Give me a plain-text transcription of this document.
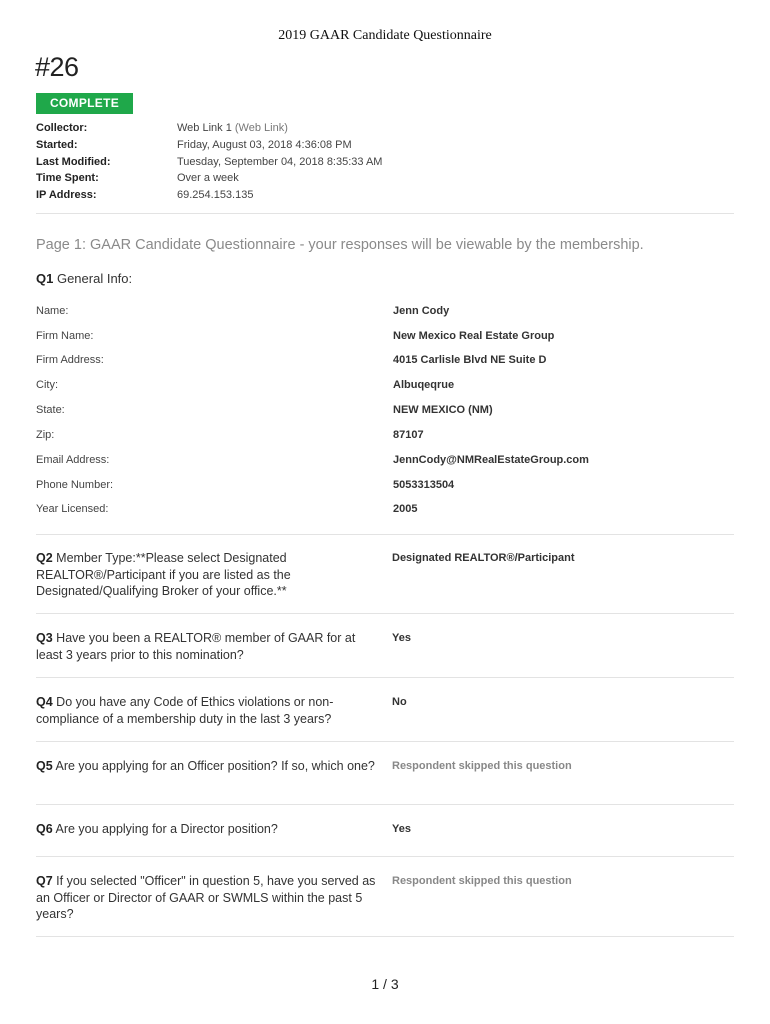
2019 GAAR Candidate Questionnaire
#26
COMPLETE
Collector:	Web Link 1 (Web Link)
Started:	Friday, August 03, 2018 4:36:08 PM
Last Modified:	Tuesday, September 04, 2018 8:35:33 AM
Time Spent:	Over a week
IP Address:	69.254.153.135
Page 1: GAAR Candidate Questionnaire - your responses will be viewable by the membership.
Q1 General Info:
Name:	Jenn Cody
Firm Name:	New Mexico Real Estate Group
Firm Address:	4015 Carlisle Blvd NE Suite D
City:	Albuqeqrue
State:	NEW MEXICO (NM)
Zip:	87107
Email Address:	JennCody@NMRealEstateGroup.com
Phone Number:	5053313504
Year Licensed:	2005
Q2 Member Type:**Please select Designated REALTOR®/Participant if you are listed as the Designated/Qualifying Broker of your office.**
Designated REALTOR®/Participant
Q3 Have you been a REALTOR® member of GAAR for at least 3 years prior to this nomination?
Yes
Q4 Do you have any Code of Ethics violations or non-compliance of a membership duty in the last 3 years?
No
Q5 Are you applying for an Officer position? If so, which one?	Respondent skipped this question
Q6 Are you applying for a Director position?	Yes
Q7 If you selected "Officer" in question 5, have you served as an Officer or Director of GAAR or SWMLS within the past 5 years?
Respondent skipped this question
1 / 3
